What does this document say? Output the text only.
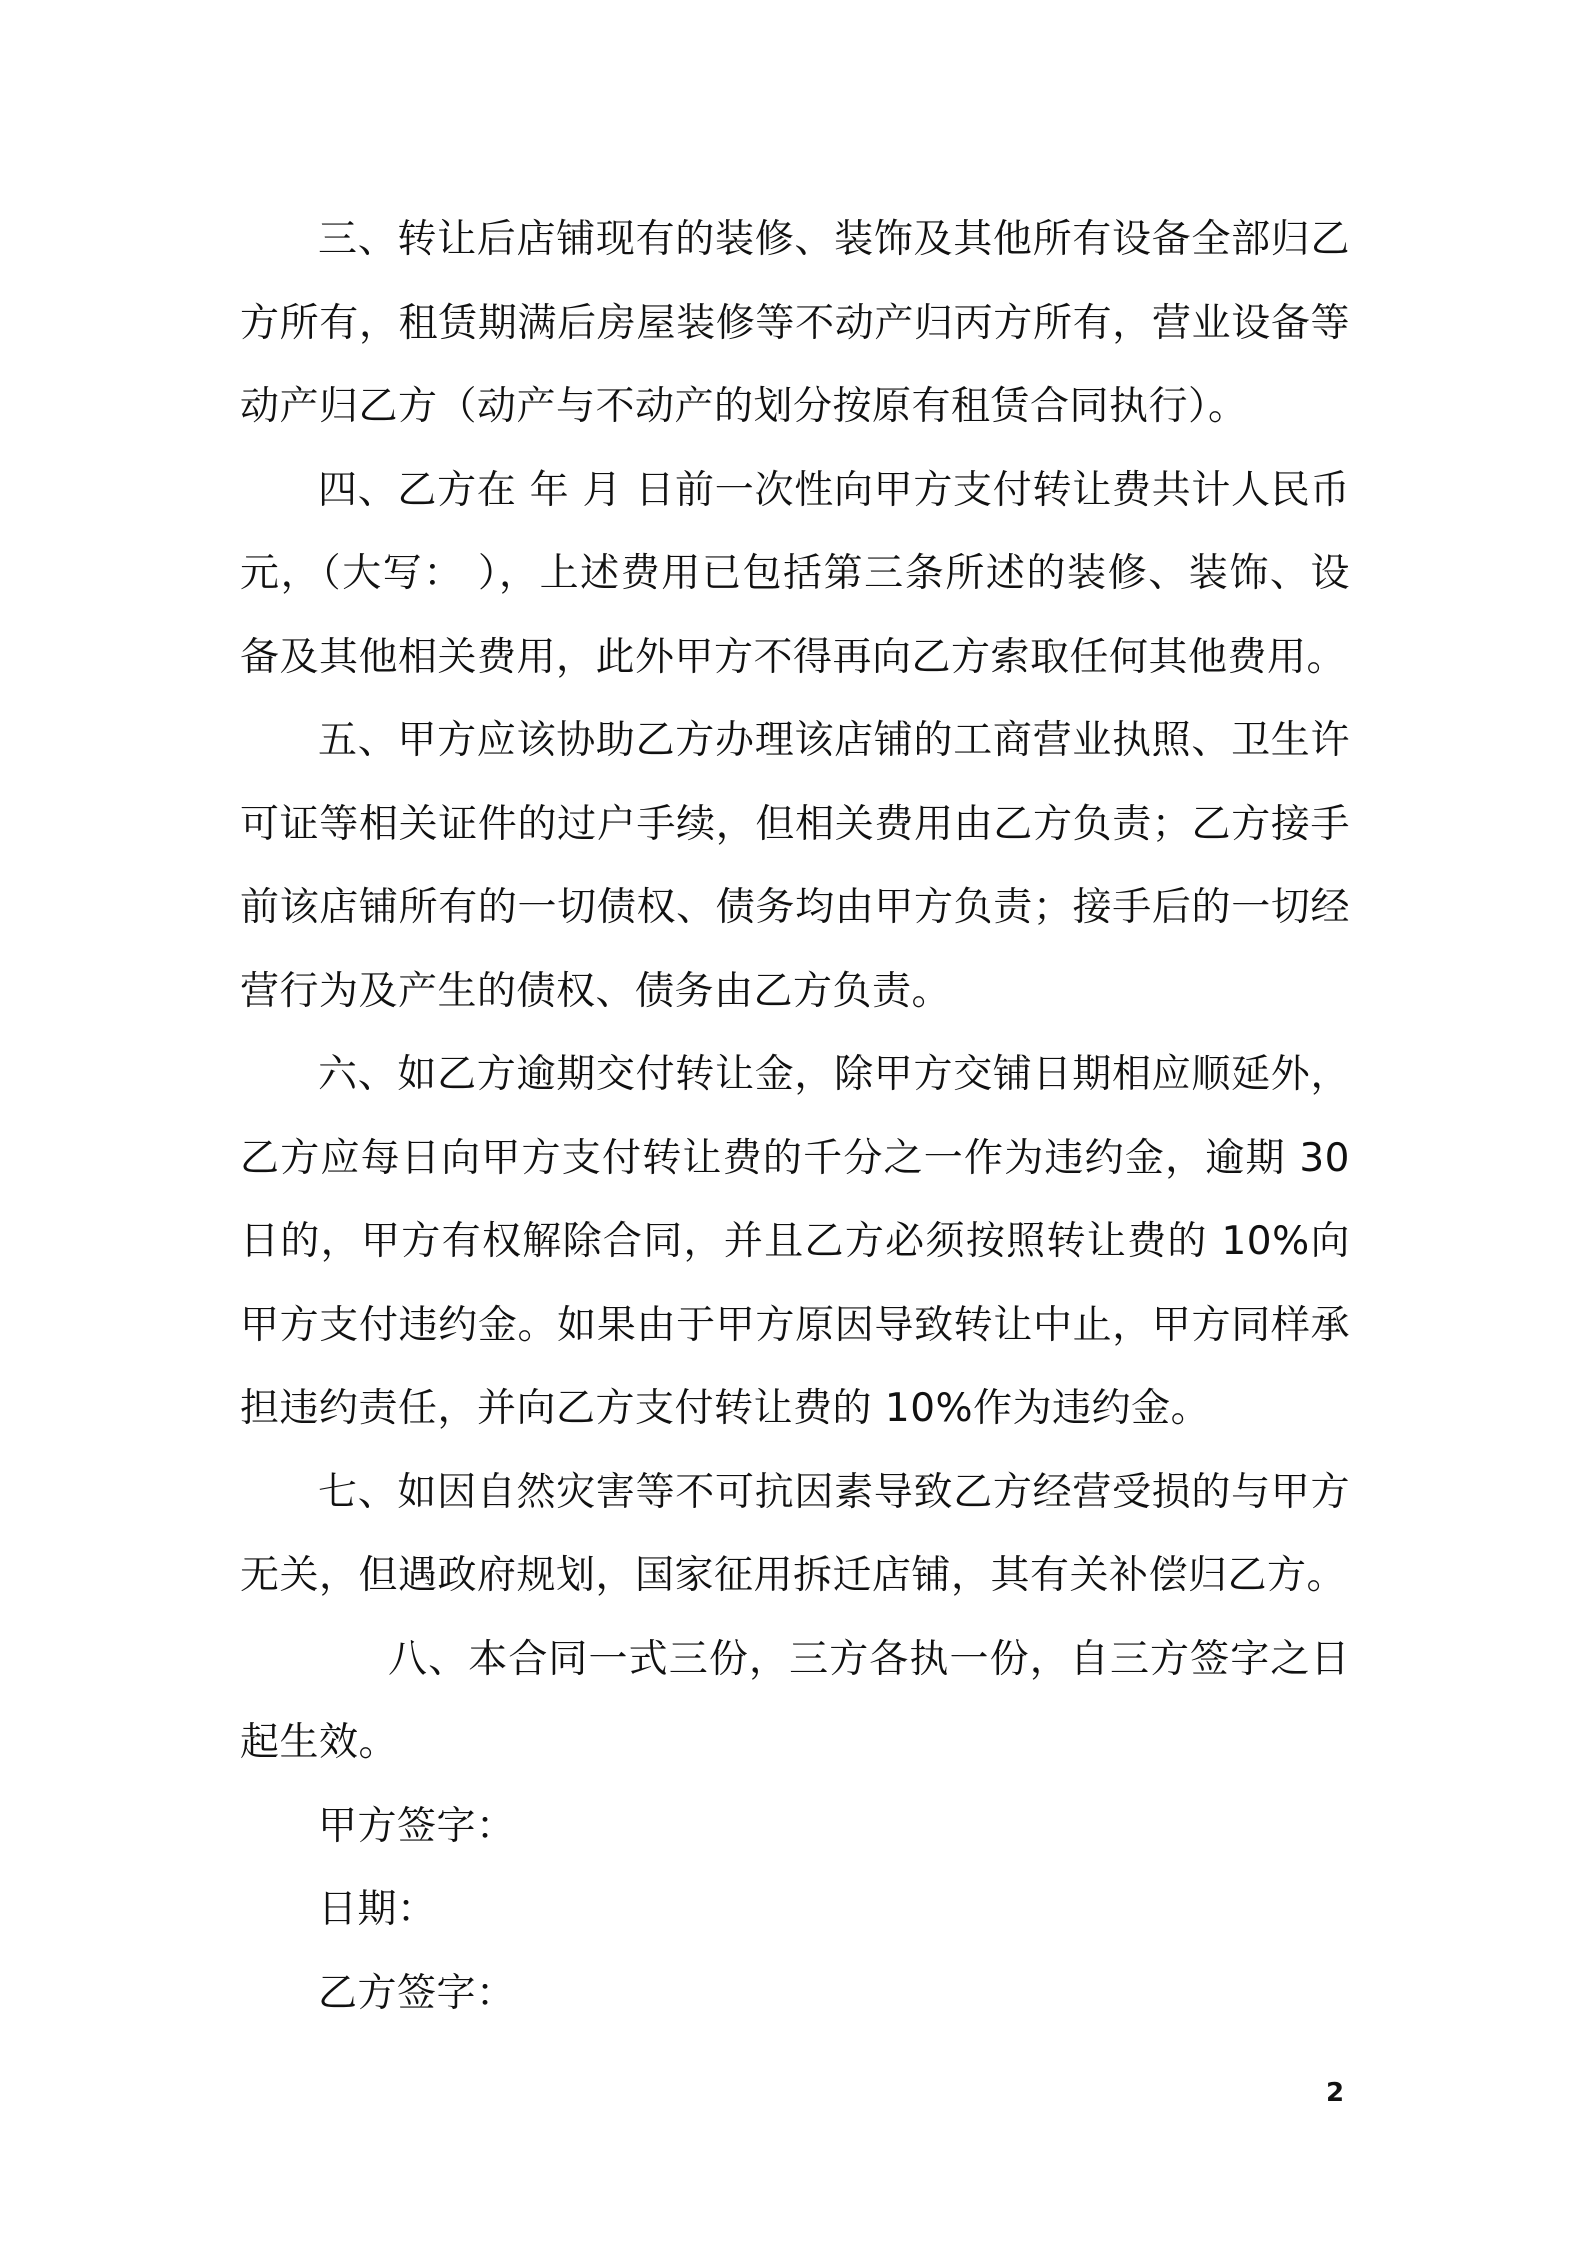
三、转让后店铺现有的装修、装饰及其他所有设备全部归乙方所有，租赁期满后房屋装修等不动产归丙方所有，营业设备等动产归乙方（动产与不动产的划分按原有租赁合同执行）。

四、乙方在 年 月 日前一次性向甲方支付转让费共计人民币 元，（大写： ），上述费用已包括第三条所述的装修、装饰、设备及其他相关费用，此外甲方不得再向乙方索取任何其他费用。

五、甲方应该协助乙方办理该店铺的工商营业执照、卫生许可证等相关证件的过户手续，但相关费用由乙方负责；乙方接手前该店铺所有的一切债权、债务均由甲方负责；接手后的一切经营行为及产生的债权、债务由乙方负责。

六、如乙方逾期交付转让金，除甲方交铺日期相应顺延外，乙方应每日向甲方支付转让费的千分之一作为违约金，逾期 30 日的，甲方有权解除合同，并且乙方必须按照转让费的 10%向甲方支付违约金。如果由于甲方原因导致转让中止，甲方同样承担违约责任，并向乙方支付转让费的 10%作为违约金。

七、如因自然灾害等不可抗因素导致乙方经营受损的与甲方无关，但遇政府规划，国家征用拆迁店铺，其有关补偿归乙方。

八、本合同一式三份，三方各执一份，自三方签字之日起生效。

甲方签字：

日期：

乙方签字：

2
